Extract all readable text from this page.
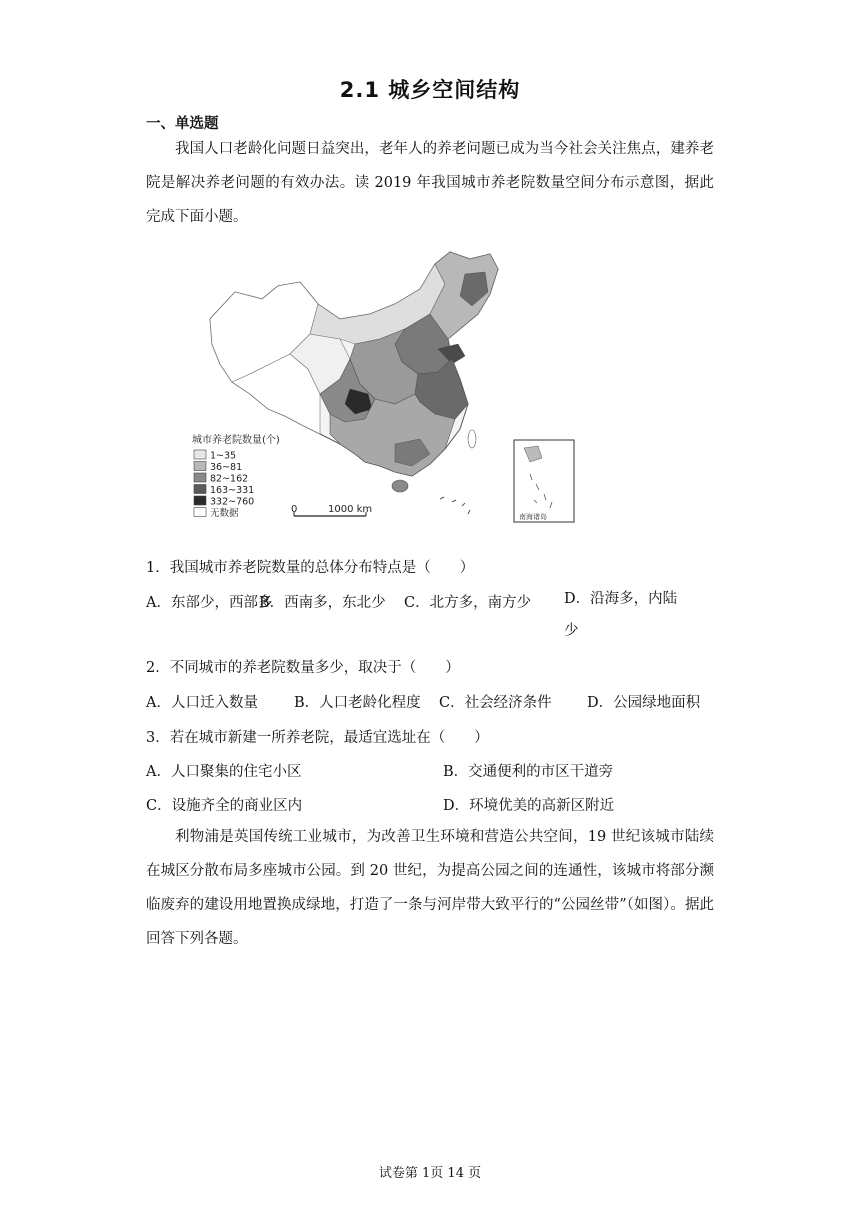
2.1 城乡空间结构
一、单选题
我国人口老龄化问题日益突出，老年人的养老问题已成为当今社会关注焦点，建养老院是解决养老问题的有效办法。读 2019 年我国城市养老院数量空间分布示意图，据此完成下面小题。
城市养老院数量(个)
1~35
36~81
82~162
163~331
332~760
无数据	0	1000 km
南海诸岛
1．我国城市养老院数量的总体分布特点是（　　）
A．东部少，西部多
B．西南多，东北少	C．北方多，南方少	D．沿海多，内陆少
2．不同城市的养老院数量多少，取决于（　　）
A．人口迁入数量	B．人口老龄化程度	C．社会经济条件	D．公园绿地面积
3．若在城市新建一所养老院，最适宜选址在（　　）
A．人口聚集的住宅小区	B．交通便利的市区干道旁
C．设施齐全的商业区内	D．环境优美的高新区附近
利物浦是英国传统工业城市，为改善卫生环境和营造公共空间，19 世纪该城市陆续在城区分散布局多座城市公园。到 20 世纪，为提高公园之间的连通性，该城市将部分濒临废弃的建设用地置换成绿地，打造了一条与河岸带大致平行的“公园丝带”（如图）。据此回答下列各题。
试卷第 1页 14 页
